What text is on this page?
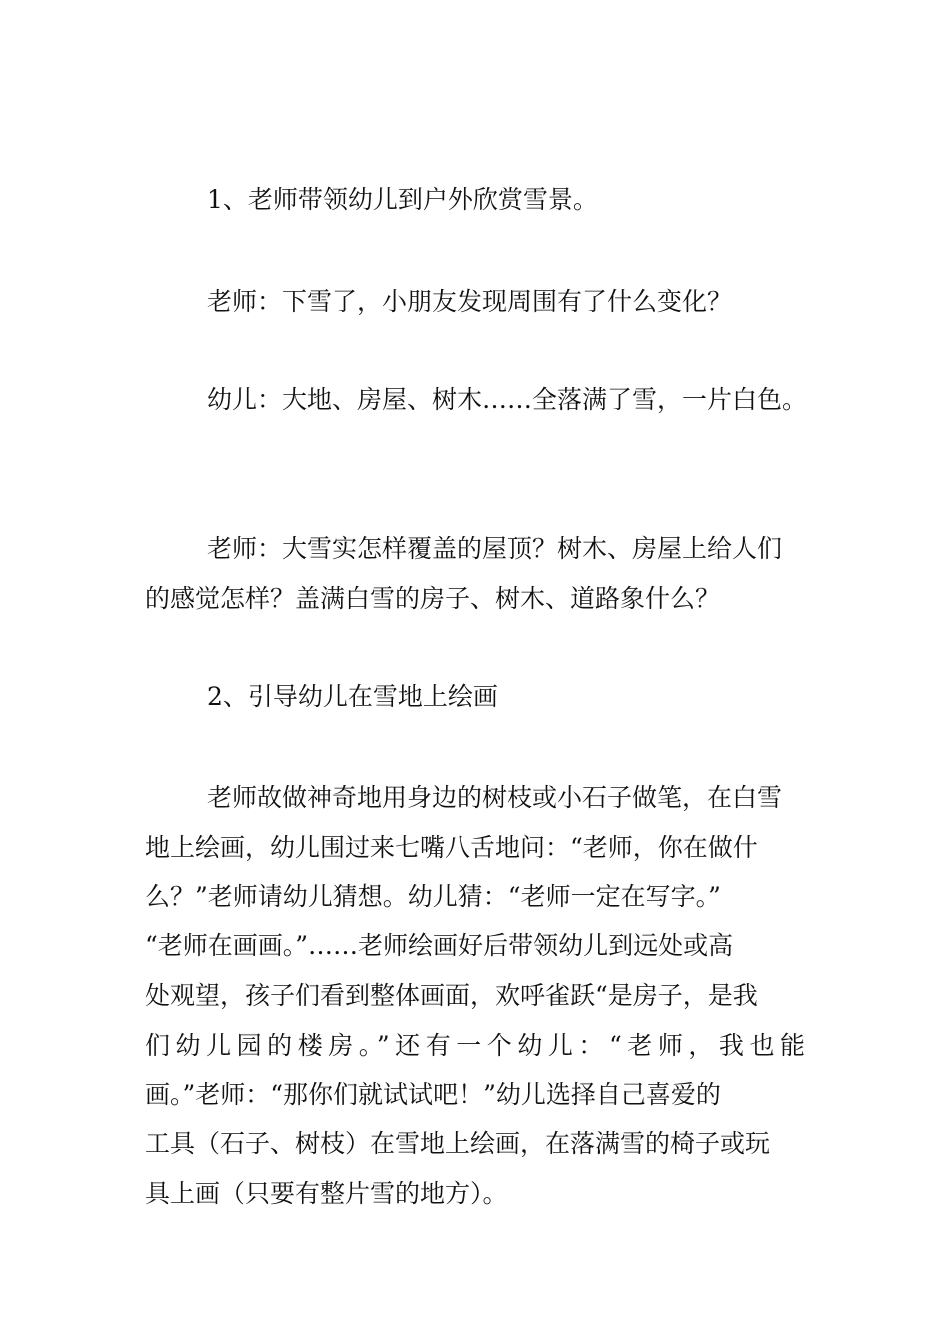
1、老师带领幼儿到户外欣赏雪景。
老师：下雪了，小朋友发现周围有了什么变化？
幼儿：大地、房屋、树木……全落满了雪，一片白色。
老师：大雪实怎样覆盖的屋顶？树木、房屋上给人们
的感觉怎样？盖满白雪的房子、树木、道路象什么？
2、引导幼儿在雪地上绘画
老师故做神奇地用身边的树枝或小石子做笔，在白雪
地上绘画，幼儿围过来七嘴八舌地问：“老师，你在做什
么？”老师请幼儿猜想。幼儿猜：“老师一定在写字。”
“老师在画画。”……老师绘画好后带领幼儿到远处或高
处观望，孩子们看到整体画面，欢呼雀跃“是房子，是我
们幼儿园的楼房。”还有一个幼儿：“老师，我也能
画。”老师：“那你们就试试吧！”幼儿选择自己喜爱的
工具（石子、树枝）在雪地上绘画，在落满雪的椅子或玩
具上画（只要有整片雪的地方）。
